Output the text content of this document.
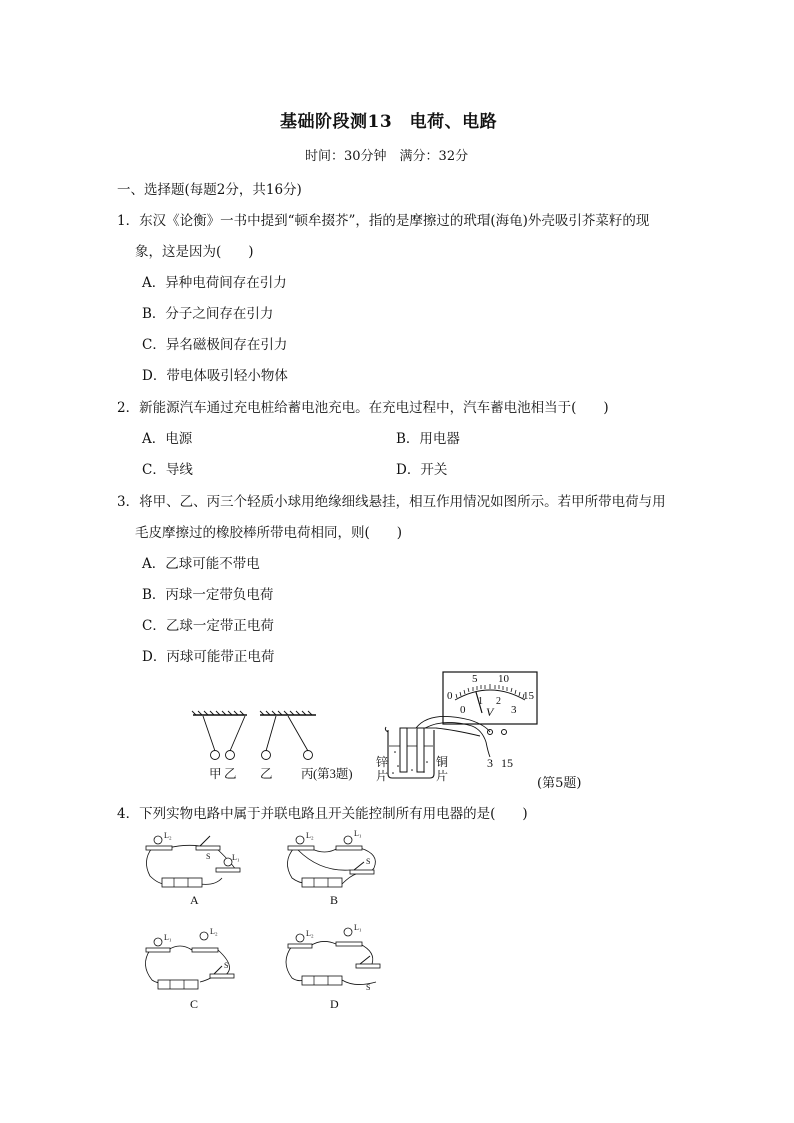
基础阶段测13　电荷、电路
时间：30分钟　满分：32分
一、选择题(每题2分，共16分)
1．东汉《论衡》一书中提到“顿牟掇芥”，指的是摩擦过的玳瑁(海龟)外壳吸引芥菜籽的现
象，这是因为(　　)
A．异种电荷间存在引力
B．分子之间存在引力
C．异名磁极间存在引力
D．带电体吸引轻小物体
2．新能源汽车通过充电桩给蓄电池充电。在充电过程中，汽车蓄电池相当于(　　)
A．电源	B．用电器
C．导线	D．开关
3．将甲、乙、丙三个轻质小球用绝缘细线悬挂，相互作用情况如图所示。若甲所带电荷与用
毛皮摩擦过的橡胶棒所带电荷相同，则(　　)
A．乙球可能不带电
B．丙球一定带负电荷
C．乙球一定带正电荷
D．丙球可能带正电荷
甲 乙 乙 丙 (第3题)
0
5 10
15
0
1 2
3
V
3 15
锌
片
铜
片	(第5题)
4．下列实物电路中属于并联电路且开关能控制所有用电器的是(　　)
L₂
L₁
S
A
L₂	L₁
S
B
L₁
L₂
S
C
L₂
L₁
S
D
